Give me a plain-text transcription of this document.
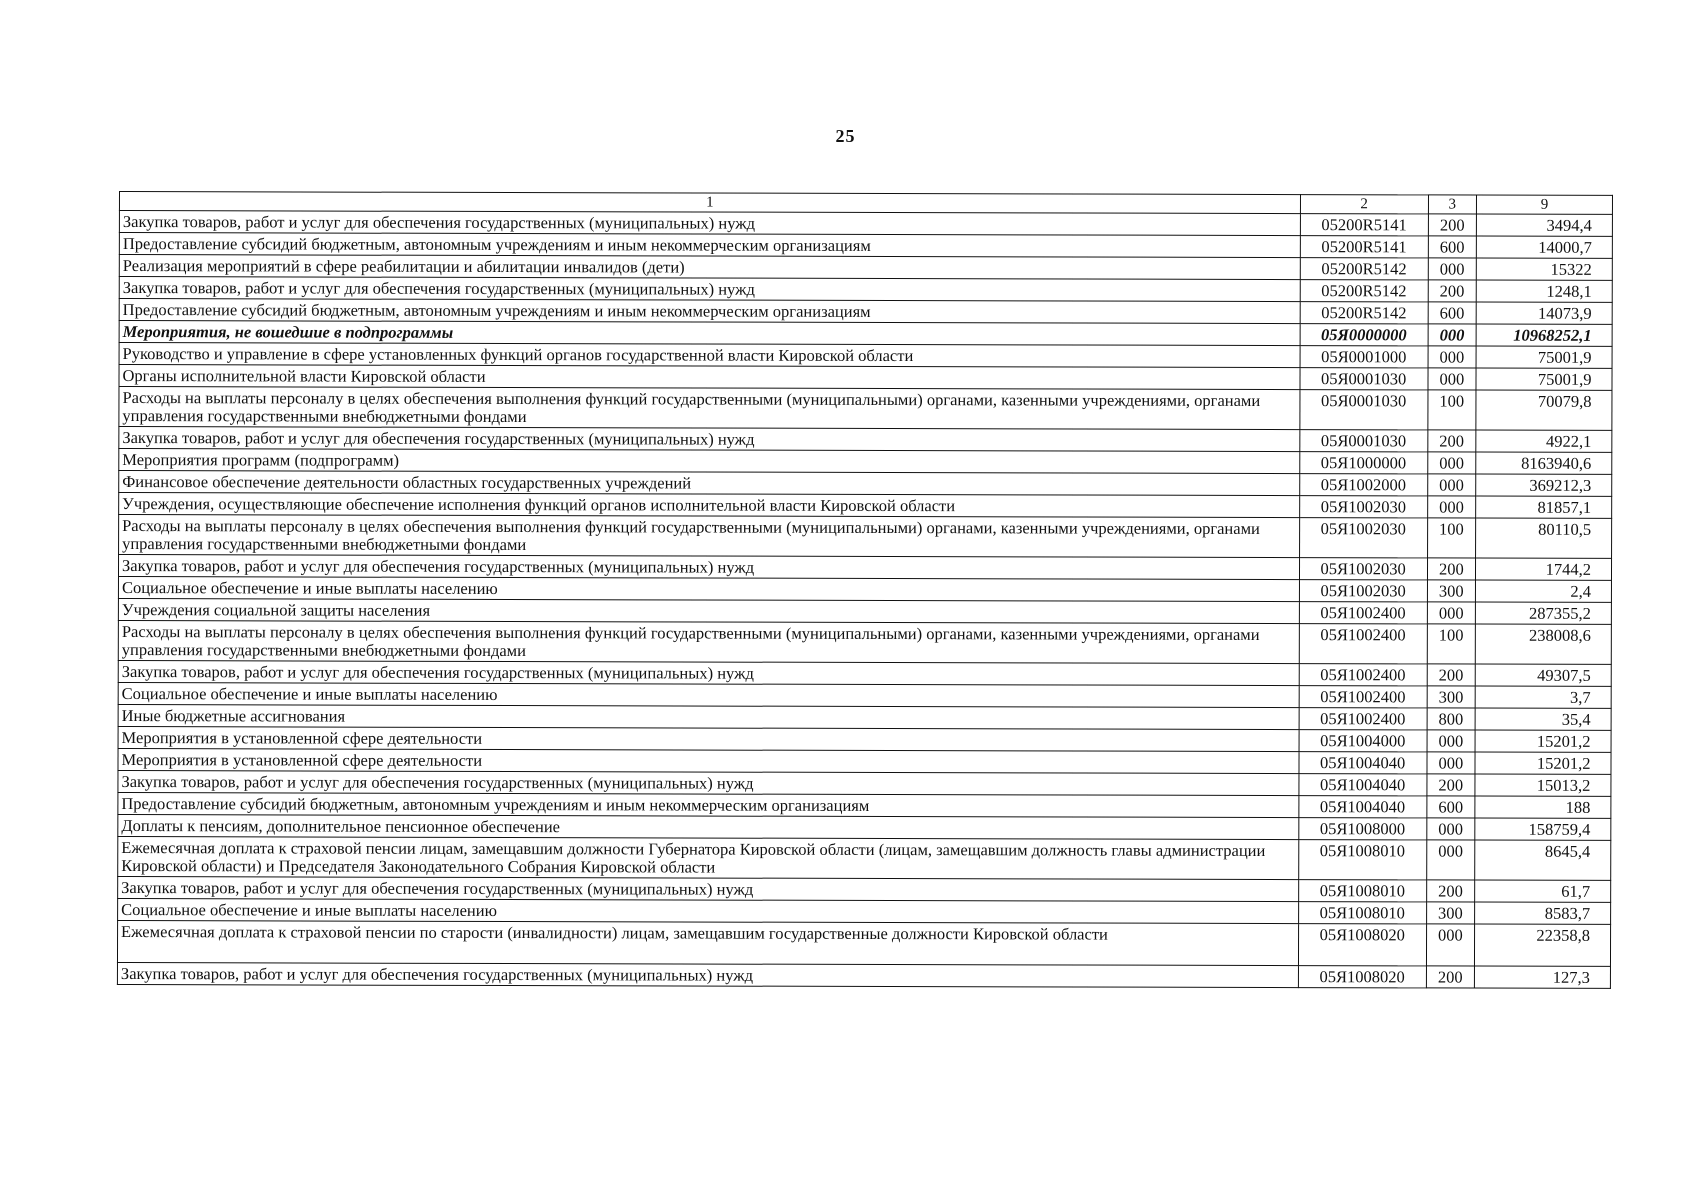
25
1	2	3	9
Закупка товаров, работ и услуг для обеспечения государственных (муниципальных) нужд	05200R5141	200	3494,4
Предоставление субсидий бюджетным, автономным учреждениям и иным некоммерческим организациям	05200R5141	600	14000,7
Реализация мероприятий в сфере реабилитации и абилитации инвалидов (дети)	05200R5142	000	15322
Закупка товаров, работ и услуг для обеспечения государственных (муниципальных) нужд	05200R5142	200	1248,1
Предоставление субсидий бюджетным, автономным учреждениям и иным некоммерческим организациям	05200R5142	600	14073,9
Мероприятия, не вошедшие в подпрограммы	05Я0000000	000	10968252,1
Руководство и управление в сфере установленных функций органов государственной власти Кировской области	05Я0001000	000	75001,9
Органы исполнительной власти Кировской области	05Я0001030	000	75001,9
Расходы на выплаты персоналу в целях обеспечения выполнения функций государственными (муниципальными) органами, казенными учреждениями, органами управления государственными внебюджетными фондами	05Я0001030	100	70079,8
Закупка товаров, работ и услуг для обеспечения государственных (муниципальных) нужд	05Я0001030	200	4922,1
Мероприятия программ (подпрограмм)	05Я1000000	000	8163940,6
Финансовое обеспечение деятельности областных государственных учреждений	05Я1002000	000	369212,3
Учреждения, осуществляющие обеспечение исполнения функций органов исполнительной власти Кировской области	05Я1002030	000	81857,1
Расходы на выплаты персоналу в целях обеспечения выполнения функций государственными (муниципальными) органами, казенными учреждениями, органами управления государственными внебюджетными фондами	05Я1002030	100	80110,5
Закупка товаров, работ и услуг для обеспечения государственных (муниципальных) нужд	05Я1002030	200	1744,2
Социальное обеспечение и иные выплаты населению	05Я1002030	300	2,4
Учреждения социальной защиты населения	05Я1002400	000	287355,2
Расходы на выплаты персоналу в целях обеспечения выполнения функций государственными (муниципальными) органами, казенными учреждениями, органами управления государственными внебюджетными фондами	05Я1002400	100	238008,6
Закупка товаров, работ и услуг для обеспечения государственных (муниципальных) нужд	05Я1002400	200	49307,5
Социальное обеспечение и иные выплаты населению	05Я1002400	300	3,7
Иные бюджетные ассигнования	05Я1002400	800	35,4
Мероприятия в установленной сфере деятельности	05Я1004000	000	15201,2
Мероприятия в установленной сфере деятельности	05Я1004040	000	15201,2
Закупка товаров, работ и услуг для обеспечения государственных (муниципальных) нужд	05Я1004040	200	15013,2
Предоставление субсидий бюджетным, автономным учреждениям и иным некоммерческим организациям	05Я1004040	600	188
Доплаты к пенсиям, дополнительное пенсионное обеспечение	05Я1008000	000	158759,4
Ежемесячная доплата к страховой пенсии лицам, замещавшим должности Губернатора Кировской области (лицам, замещавшим должность главы администрации Кировской области) и Председателя Законодательного Собрания Кировской области	05Я1008010	000	8645,4
Закупка товаров, работ и услуг для обеспечения государственных (муниципальных) нужд	05Я1008010	200	61,7
Социальное обеспечение и иные выплаты населению	05Я1008010	300	8583,7
Ежемесячная доплата к страховой пенсии по старости (инвалидности) лицам, замещавшим государственные должности Кировской области	05Я1008020	000	22358,8
Закупка товаров, работ и услуг для обеспечения государственных (муниципальных) нужд	05Я1008020	200	127,3
